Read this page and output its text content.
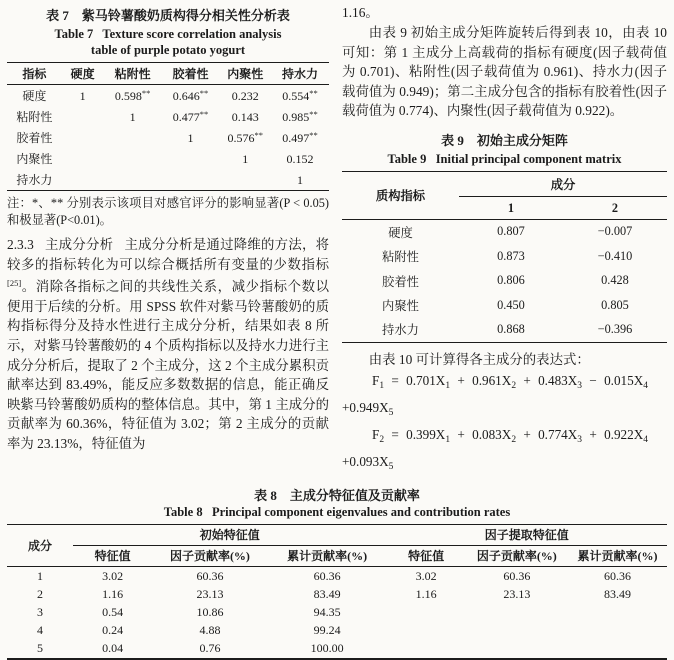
表 7　紫马铃薯酸奶质构得分相关性分析表
Table 7   Texture score correlation analysis
table of purple potato yogurt
指标	硬度	粘附性	胶着性	内聚性	持水力
硬度	1	0.598**	0.646**	0.232	0.554**
粘附性		1	0.477**	0.143	0.985**
胶着性			1	0.576**	0.497**
内聚性				1	0.152
持水力					1
注：*、** 分别表示该项目对感官评分的影响显著(P < 0.05)和极显著(P<0.01)。

2.3.3 主成分分析 主成分分析是通过降维的方法，将较多的指标转化为可以综合概括所有变量的少数指标[25]。消除各指标之间的共线性关系，减少指标个数以便用于后续的分析。用 SPSS 软件对紫马铃薯酸奶的质构指标得分及持水性进行主成分分析，结果如表 8 所示，对紫马铃薯酸奶的 4 个质构指标以及持水力进行主成分分析后，提取了 2 个主成分，这 2 个主成分累积贡献率达到 83.49%，能反应多数数据的信息，能正确反映紫马铃薯酸奶质构的整体信息。其中，第 1 主成分的贡献率为 60.36%，特征值为 3.02；第 2 主成分的贡献率为 23.13%，特征值为

1.16。

由表 9 初始主成分矩阵旋转后得到表 10，由表 10 可知：第 1 主成分上高载荷的指标有硬度(因子载荷值为 0.701)、粘附性(因子载荷值为 0.961)、持水力(因子载荷值为 0.949)；第二主成分包含的指标有胶着性(因子载荷值为 0.774)、内聚性(因子载荷值为 0.922)。

表 9　初始主成分矩阵
Table 9   Initial principal component matrix
质构指标	成分	
	1	2
硬度	0.807	−0.007
粘附性	0.873	−0.410
胶着性	0.806	0.428
内聚性	0.450	0.805
持水力	0.868	−0.396

由表 10 可计算得各主成分的表达式：

$F_1 = 0.701X_1 + 0.961X_2 + 0.483X_3 - 0.015X_4$

$+0.949X_5$

$F_2 = 0.399X_1 + 0.083X_2 + 0.774X_3 + 0.922X_4$

$+0.093X_5$

表 8　主成分特征值及贡献率
Table 8   Principal component eigenvalues and contribution rates
成分	初始特征值			因子提取特征值		
	特征值	因子贡献率(%)	累计贡献率(%)	特征值	因子贡献率(%)	累计贡献率(%)
1	3.02	60.36	60.36	3.02	60.36	60.36
2	1.16	23.13	83.49	1.16	23.13	83.49
3	0.54	10.86	94.35			
4	0.24	4.88	99.24			
5	0.04	0.76	100.00			
